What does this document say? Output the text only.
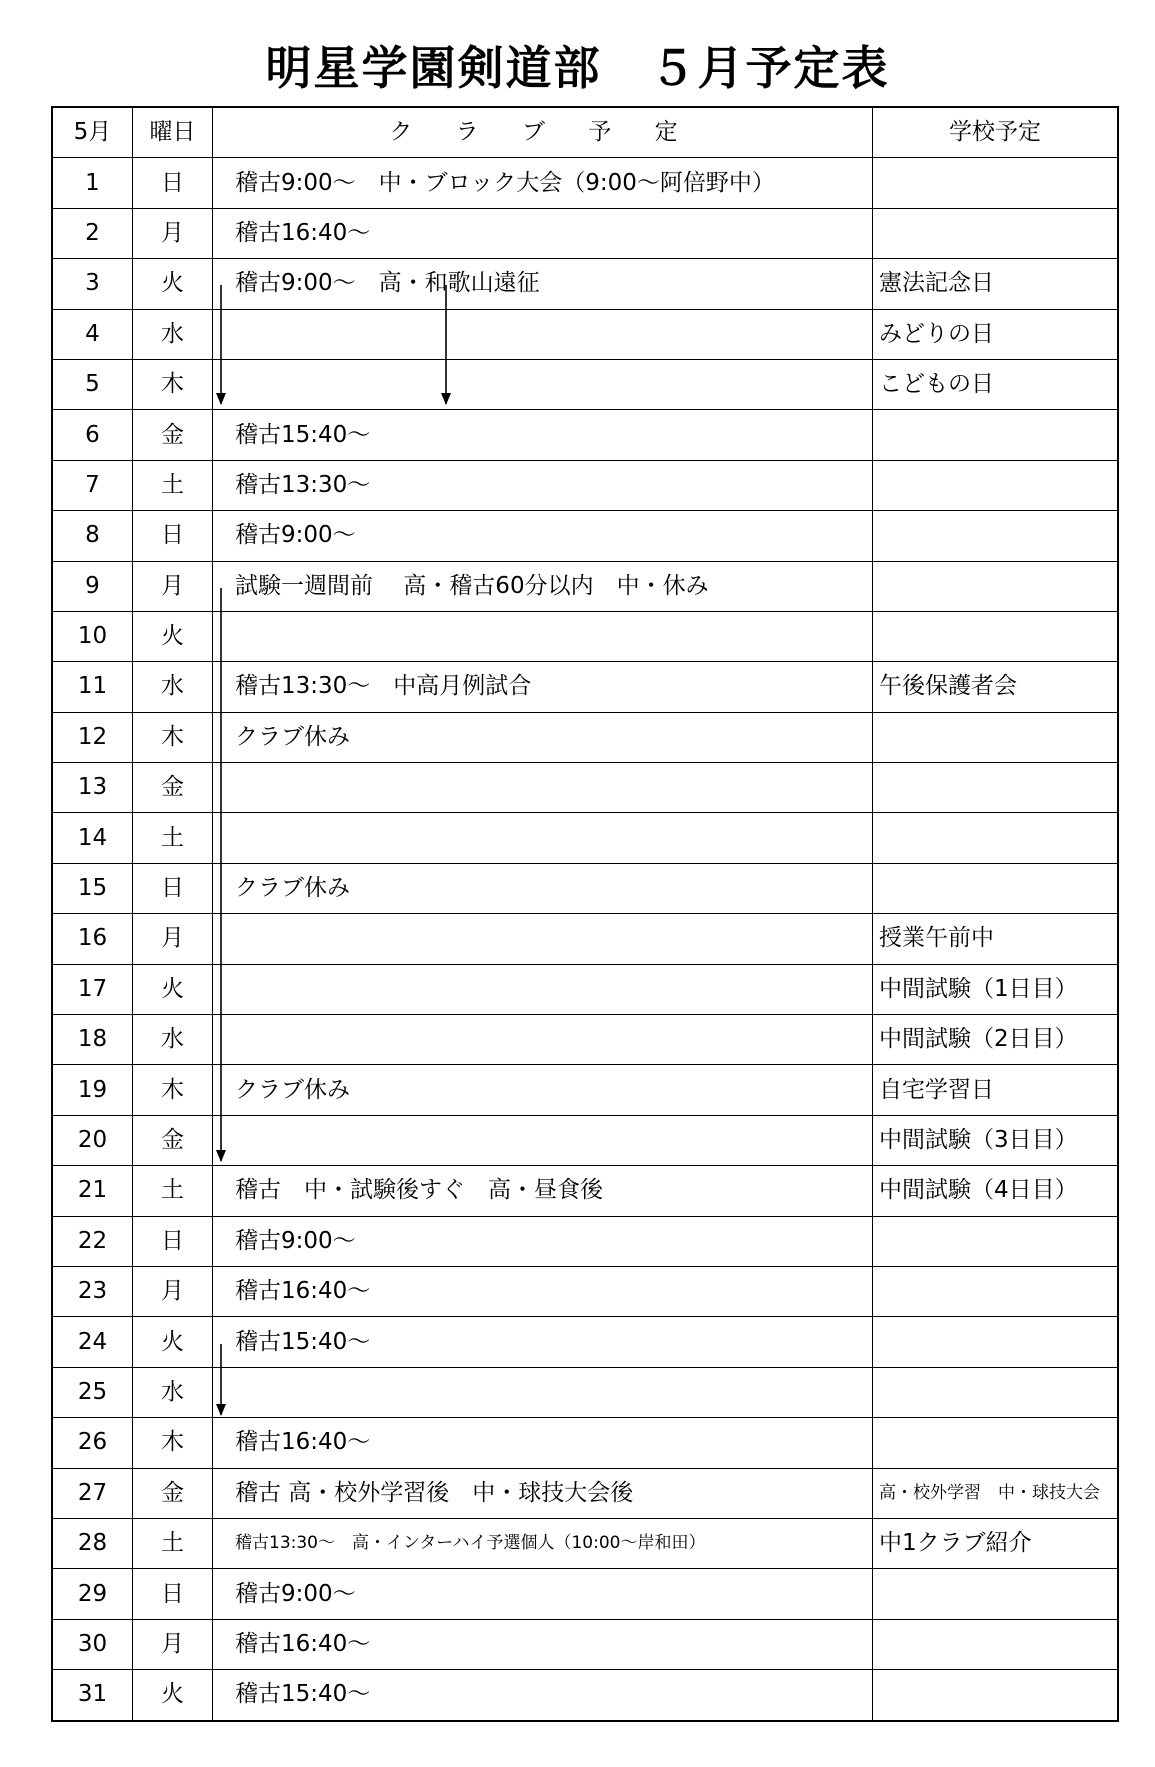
明星学園剣道部　５月予定表
5月	曜日	ク ラ ブ 予 定	学校予定
1	日	稽古9:00～　中・ブロック大会（9:00～阿倍野中）	
2	月	稽古16:40～	
3	火	稽古9:00～　高・和歌山遠征	憲法記念日
4	水		みどりの日
5	木		こどもの日
6	金	稽古15:40～	
7	土	稽古13:30～	
8	日	稽古9:00～	
9	月	試験一週間前　 高・稽古60分以内　中・休み	
10	火		
11	水	稽古13:30～　中高月例試合	午後保護者会
12	木	クラブ休み	
13	金		
14	土		
15	日	クラブ休み	
16	月		授業午前中
17	火		中間試験（1日目）
18	水		中間試験（2日目）
19	木	クラブ休み	自宅学習日
20	金		中間試験（3日目）
21	土	稽古　中・試験後すぐ　高・昼食後	中間試験（4日目）
22	日	稽古9:00～	
23	月	稽古16:40～	
24	火	稽古15:40～	
25	水		
26	木	稽古16:40～	
27	金	稽古 高・校外学習後　中・球技大会後	高・校外学習　中・球技大会
28	土	稽古13:30～　高・インターハイ予選個人（10:00～岸和田）	中1クラブ紹介
29	日	稽古9:00～	
30	月	稽古16:40～	
31	火	稽古15:40～	
